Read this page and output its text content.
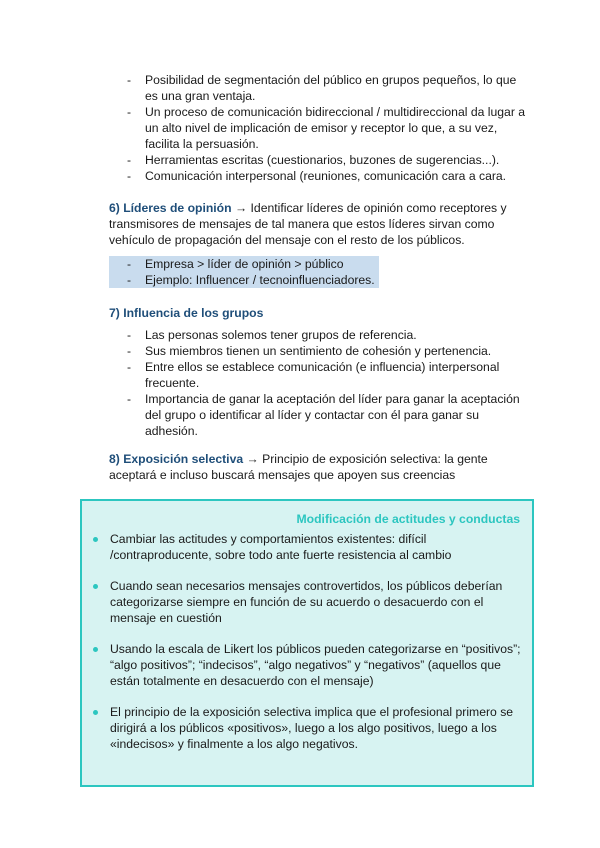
- Posibilidad de segmentación del público en grupos pequeños, lo que es una gran ventaja.
- Un proceso de comunicación bidireccional / multidireccional da lugar a un alto nivel de implicación de emisor y receptor lo que, a su vez, facilita la persuasión.
- Herramientas escritas (cuestionarios, buzones de sugerencias...).
- Comunicación interpersonal (reuniones, comunicación cara a cara.
6) Líderes de opinión → Identificar líderes de opinión como receptores y transmisores de mensajes de tal manera que estos líderes sirvan como vehículo de propagación del mensaje con el resto de los públicos.
- Empresa > líder de opinión > público
- Ejemplo: Influencer / tecnoinfluenciadores.
7) Influencia de los grupos
- Las personas solemos tener grupos de referencia.
- Sus miembros tienen un sentimiento de cohesión y pertenencia.
- Entre ellos se establece comunicación (e influencia) interpersonal frecuente.
- Importancia de ganar la aceptación del líder para ganar la aceptación del grupo o identificar al líder y contactar con él para ganar su adhesión.
8) Exposición selectiva → Principio de exposición selectiva: la gente aceptará e incluso buscará mensajes que apoyen sus creencias
Modificación de actitudes y conductas
Cambiar las actitudes y comportamientos existentes: difícil /contraproducente, sobre todo ante fuerte resistencia al cambio
Cuando sean necesarios mensajes controvertidos, los públicos deberían categorizarse siempre en función de su acuerdo o desacuerdo con el mensaje en cuestión
Usando la escala de Likert los públicos pueden categorizarse en “positivos”; “algo positivos”; “indecisos”, “algo negativos” y “negativos” (aquellos que están totalmente en desacuerdo con el mensaje)
El principio de la exposición selectiva implica que el profesional primero se dirigirá a los públicos «positivos», luego a los algo positivos, luego a los «indecisos» y finalmente a los algo negativos.
